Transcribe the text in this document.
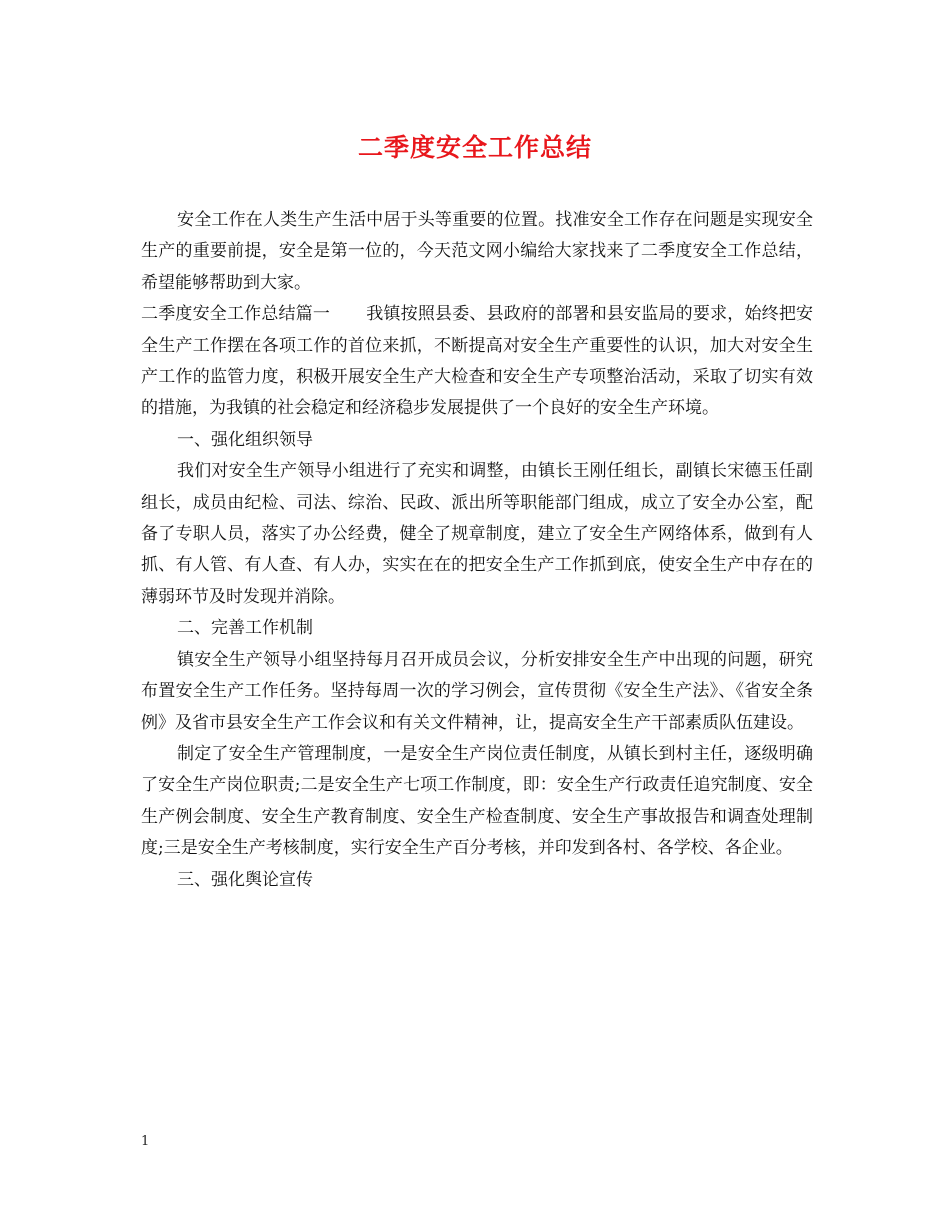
二季度安全工作总结

安全工作在人类生产生活中居于头等重要的位置。找准安全工作存在问题是实现安全生产的重要前提，安全是第一位的，今天范文网小编给大家找来了二季度安全工作总结，希望能够帮助到大家。

二季度安全工作总结篇一 我镇按照县委、县政府的部署和县安监局的要求，始终把安全生产工作摆在各项工作的首位来抓，不断提高对安全生产重要性的认识，加大对安全生产工作的监管力度，积极开展安全生产大检查和安全生产专项整治活动，采取了切实有效的措施，为我镇的社会稳定和经济稳步发展提供了一个良好的安全生产环境。

一、强化组织领导

我们对安全生产领导小组进行了充实和调整，由镇长王刚任组长，副镇长宋德玉任副组长，成员由纪检、司法、综治、民政、派出所等职能部门组成，成立了安全办公室，配备了专职人员，落实了办公经费，健全了规章制度，建立了安全生产网络体系，做到有人抓、有人管、有人查、有人办，实实在在的把安全生产工作抓到底，使安全生产中存在的薄弱环节及时发现并消除。

二、完善工作机制

镇安全生产领导小组坚持每月召开成员会议，分析安排安全生产中出现的问题，研究布置安全生产工作任务。坚持每周一次的学习例会，宣传贯彻《安全生产法》、《省安全条例》及省市县安全生产工作会议和有关文件精神，让，提高安全生产干部素质队伍建设。

制定了安全生产管理制度，一是安全生产岗位责任制度，从镇长到村主任，逐级明确了安全生产岗位职责;二是安全生产七项工作制度，即：安全生产行政责任追究制度、安全生产例会制度、安全生产教育制度、安全生产检查制度、安全生产事故报告和调查处理制度;三是安全生产考核制度，实行安全生产百分考核，并印发到各村、各学校、各企业。

三、强化舆论宣传

1
